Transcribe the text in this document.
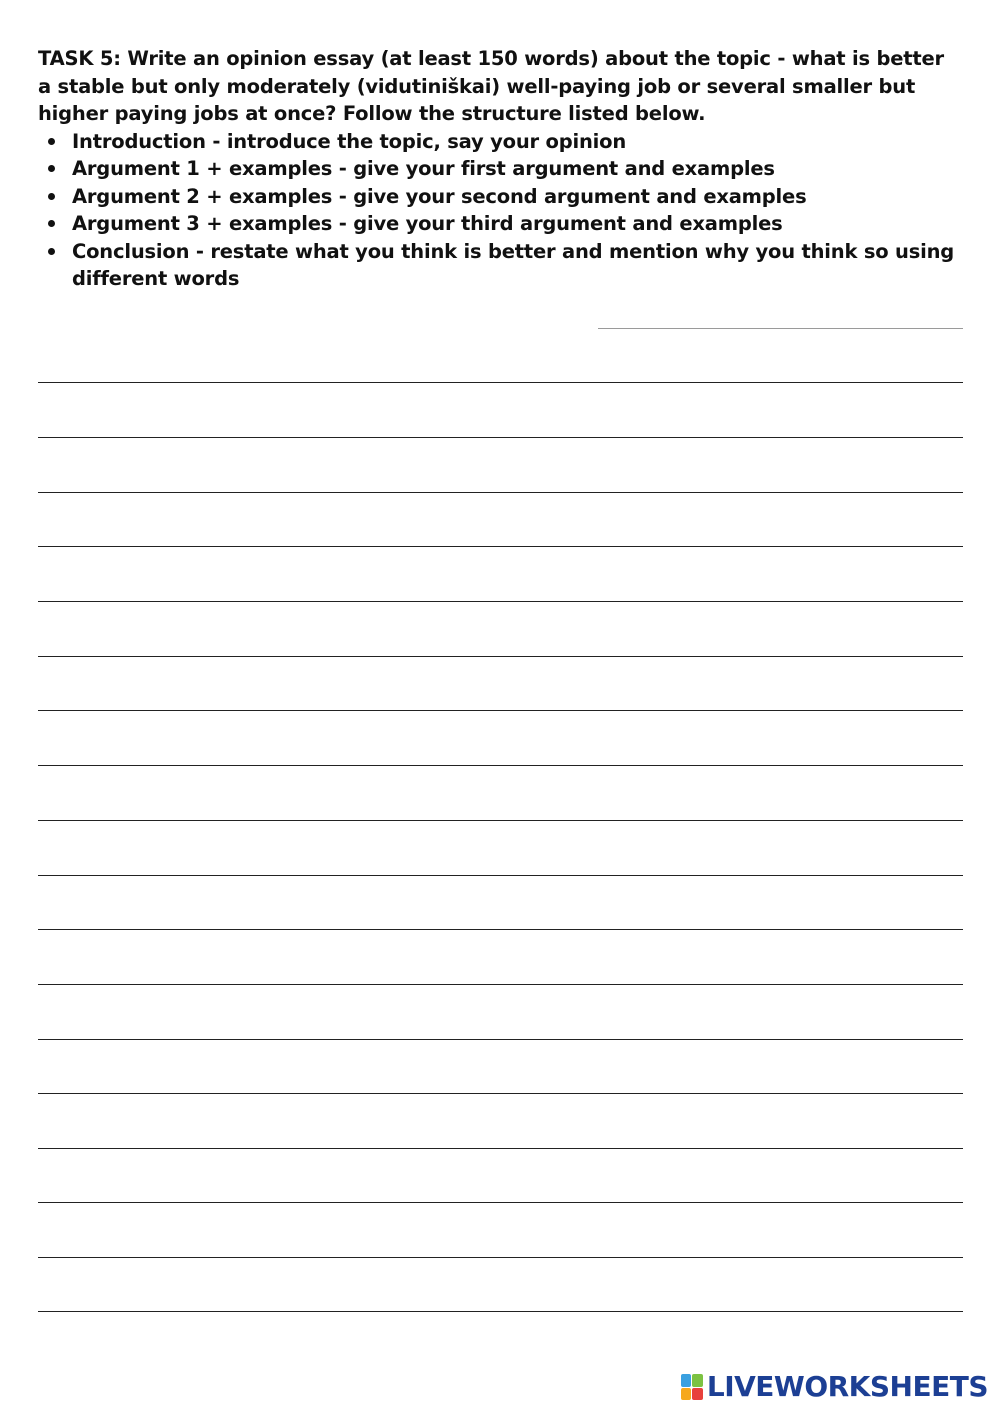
TASK 5: Write an opinion essay (at least 150 words) about the topic - what is better a stable but only moderately (vidutiniškai) well-paying job or several smaller but higher paying jobs at once? Follow the structure listed below.

Introduction - introduce the topic, say your opinion
Argument 1 + examples - give your first argument and examples
Argument 2 + examples - give your second argument and examples
Argument 3 + examples - give your third argument and examples
Conclusion - restate what you think is better and mention why you think so using different words
LIVEWORKSHEETS
